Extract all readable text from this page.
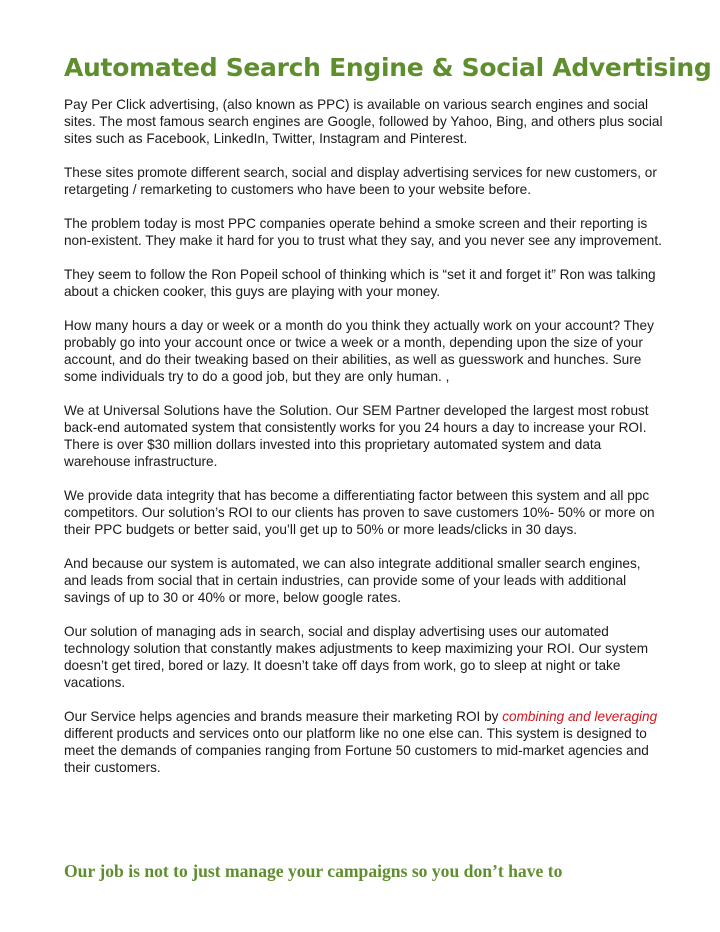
Automated Search Engine & Social Advertising

Pay Per Click advertising, (also known as PPC) is available on various search engines and social sites. The most famous search engines are Google, followed by Yahoo, Bing, and others plus social sites such as Facebook, LinkedIn, Twitter, Instagram and Pinterest.

These sites promote different search, social and display advertising services for new customers, or retargeting / remarketing to customers who have been to your website before.

The problem today is most PPC companies operate behind a smoke screen and their reporting is non-existent. They make it hard for you to trust what they say, and you never see any improvement.

They seem to follow the Ron Popeil school of thinking which is “set it and forget it” Ron was talking about a chicken cooker, this guys are playing with your money.

How many hours a day or week or a month do you think they actually work on your account? They probably go into your account once or twice a week or a month, depending upon the size of your account, and do their tweaking based on their abilities, as well as guesswork and hunches. Sure some individuals try to do a good job, but they are only human. ,

We at Universal Solutions have the Solution. Our SEM Partner developed the largest most robust back-end automated system that consistently works for you 24 hours a day to increase your ROI. There is over $30 million dollars invested into this proprietary automated system and data warehouse infrastructure.

We provide data integrity that has become a differentiating factor between this system and all ppc competitors. Our solution’s ROI to our clients has proven to save customers 10%- 50% or more on their PPC budgets or better said, you’ll get up to 50% or more leads/clicks in 30 days.

And because our system is automated, we can also integrate additional smaller search engines, and leads from social that in certain industries, can provide some of your leads with additional savings of up to 30 or 40% or more, below google rates.

Our solution of managing ads in search, social and display advertising uses our automated technology solution that constantly makes adjustments to keep maximizing your ROI. Our system doesn’t get tired, bored or lazy. It doesn’t take off days from work, go to sleep at night or take vacations.

Our Service helps agencies and brands measure their marketing ROI by combining and leveraging different products and services onto our platform like no one else can. This system is designed to meet the demands of companies ranging from Fortune 50 customers to mid-market agencies and their customers.

Our job is not to just manage your campaigns so you don’t have to
